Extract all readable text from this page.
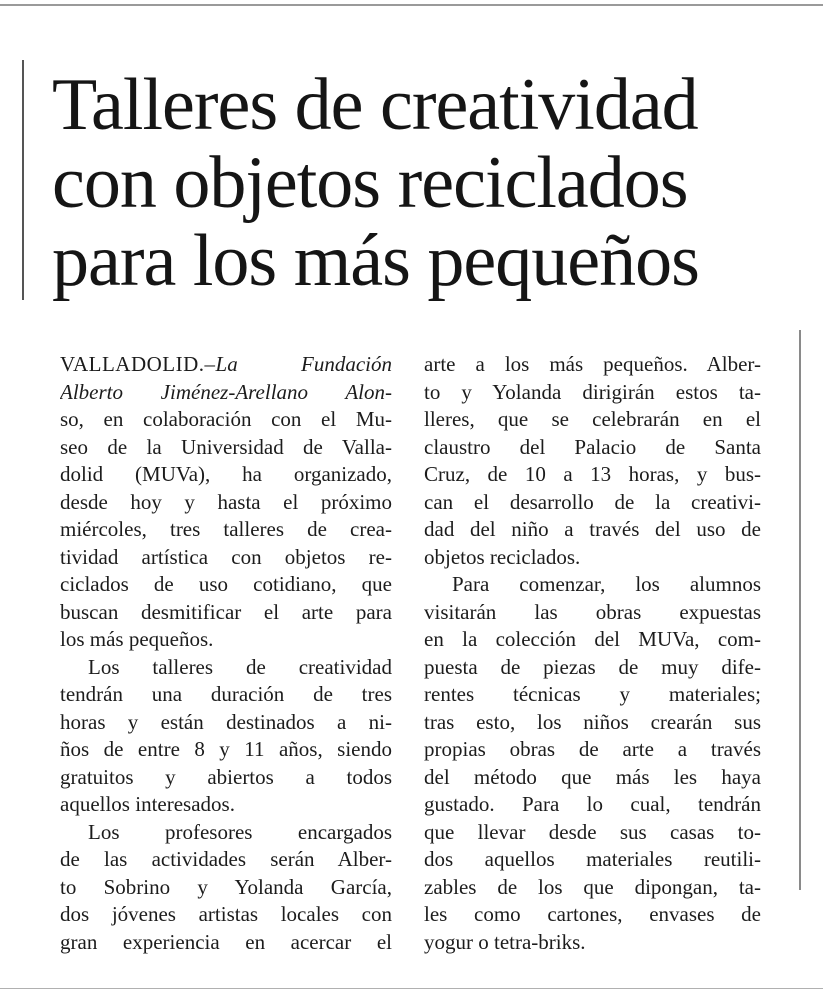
Talleres de creatividad
con objetos reciclados
para los más pequeños
VALLADOLID.–La Fundación
Alberto Jiménez-Arellano Alon-
so, en colaboración con el Mu-
seo de la Universidad de Valla-
dolid (MUVa), ha organizado,
desde hoy y hasta el próximo
miércoles, tres talleres de crea-
tividad artística con objetos re-
ciclados de uso cotidiano, que
buscan desmitificar el arte para
los más pequeños.
Los talleres de creatividad
tendrán una duración de tres
horas y están destinados a ni-
ños de entre 8 y 11 años, siendo
gratuitos y abiertos a todos
aquellos interesados.
Los profesores encargados
de las actividades serán Alber-
to Sobrino y Yolanda García,
dos jóvenes artistas locales con
gran experiencia en acercar el
arte a los más pequeños. Alber-
to y Yolanda dirigirán estos ta-
lleres, que se celebrarán en el
claustro del Palacio de Santa
Cruz, de 10 a 13 horas, y bus-
can el desarrollo de la creativi-
dad del niño a través del uso de
objetos reciclados.
Para comenzar, los alumnos
visitarán las obras expuestas
en la colección del MUVa, com-
puesta de piezas de muy dife-
rentes técnicas y materiales;
tras esto, los niños crearán sus
propias obras de arte a través
del método que más les haya
gustado. Para lo cual, tendrán
que llevar desde sus casas to-
dos aquellos materiales reutili-
zables de los que dipongan, ta-
les como cartones, envases de
yogur o tetra-briks.
